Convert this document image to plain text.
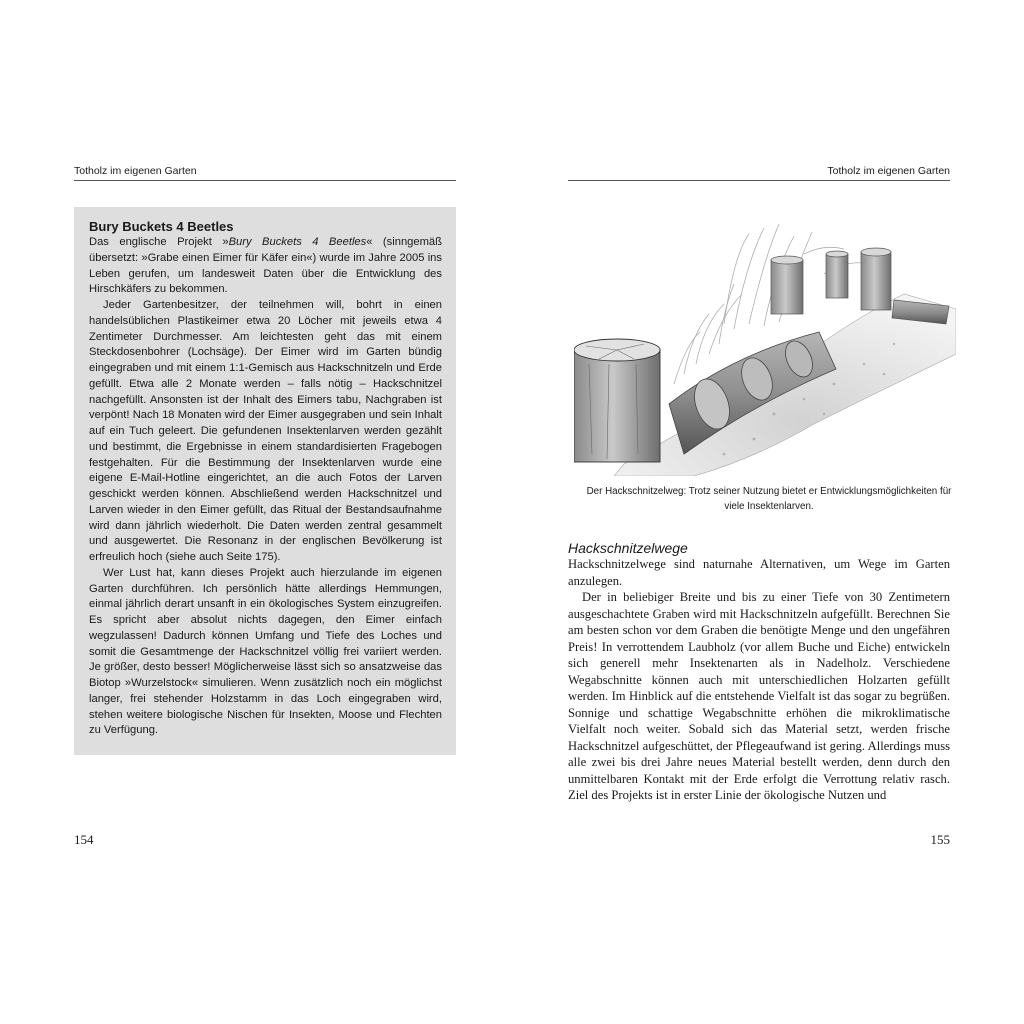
Totholz im eigenen Garten
Bury Buckets 4 Beetles

Das englische Projekt »Bury Buckets 4 Beetles« (sinngemäß übersetzt: »Grabe einen Eimer für Käfer ein«) wurde im Jahre 2005 ins Leben gerufen, um landesweit Daten über die Entwicklung des Hirschkäfers zu bekommen.

Jeder Gartenbesitzer, der teilnehmen will, bohrt in einen handelsüblichen Plastikeimer etwa 20 Löcher mit jeweils etwa 4 Zentimeter Durchmesser. Am leichtesten geht das mit einem Steckdosenbohrer (Lochsäge). Der Eimer wird im Garten bündig eingegraben und mit einem 1:1-Gemisch aus Hackschnitzeln und Erde gefüllt. Etwa alle 2 Monate werden – falls nötig – Hackschnitzel nachgefüllt. Ansonsten ist der Inhalt des Eimers tabu, Nachgraben ist verpönt! Nach 18 Monaten wird der Eimer ausgegraben und sein Inhalt auf ein Tuch geleert. Die gefundenen Insektenlarven werden gezählt und bestimmt, die Ergebnisse in einem standardisierten Fragebogen festgehalten. Für die Bestimmung der Insektenlarven wurde eine eigene E-Mail-Hotline eingerichtet, an die auch Fotos der Larven geschickt werden können. Abschließend werden Hackschnitzel und Larven wieder in den Eimer gefüllt, das Ritual der Bestandsaufnahme wird dann jährlich wiederholt. Die Daten werden zentral gesammelt und ausgewertet. Die Resonanz in der englischen Bevölkerung ist erfreulich hoch (siehe auch Seite 175).

Wer Lust hat, kann dieses Projekt auch hierzulande im eigenen Garten durchführen. Ich persönlich hätte allerdings Hemmungen, einmal jährlich derart unsanft in ein ökologisches System einzugreifen. Es spricht aber absolut nichts dagegen, den Eimer einfach wegzulassen! Dadurch können Umfang und Tiefe des Loches und somit die Gesamtmenge der Hackschnitzel völlig frei variiert werden. Je größer, desto besser! Möglicherweise lässt sich so ansatzweise das Biotop »Wurzelstock« simulieren. Wenn zusätzlich noch ein möglichst langer, frei stehender Holzstamm in das Loch eingegraben wird, stehen weitere biologische Nischen für Insekten, Moose und Flechten zu Verfügung.

154
Totholz im eigenen Garten
Der Hackschnitzelweg: Trotz seiner Nutzung bietet er Entwicklungsmöglichkeiten für viele Insektenlarven.
Hackschnitzelwege

Hackschnitzelwege sind naturnahe Alternativen, um Wege im Garten anzulegen.

Der in beliebiger Breite und bis zu einer Tiefe von 30 Zentimetern ausgeschachtete Graben wird mit Hackschnitzeln aufgefüllt. Berechnen Sie am besten schon vor dem Graben die benötigte Menge und den ungefähren Preis! In verrottendem Laubholz (vor allem Buche und Eiche) entwickeln sich generell mehr Insektenarten als in Nadelholz. Verschiedene Wegabschnitte können auch mit unterschiedlichen Holzarten gefüllt werden. Im Hinblick auf die entstehende Vielfalt ist das sogar zu begrüßen. Sonnige und schattige Wegabschnitte erhöhen die mikroklimatische Vielfalt noch weiter. Sobald sich das Material setzt, werden frische Hackschnitzel aufgeschüttet, der Pflegeaufwand ist gering. Allerdings muss alle zwei bis drei Jahre neues Material bestellt werden, denn durch den unmittelbaren Kontakt mit der Erde erfolgt die Verrottung relativ rasch. Ziel des Projekts ist in erster Linie der ökologische Nutzen und

155
